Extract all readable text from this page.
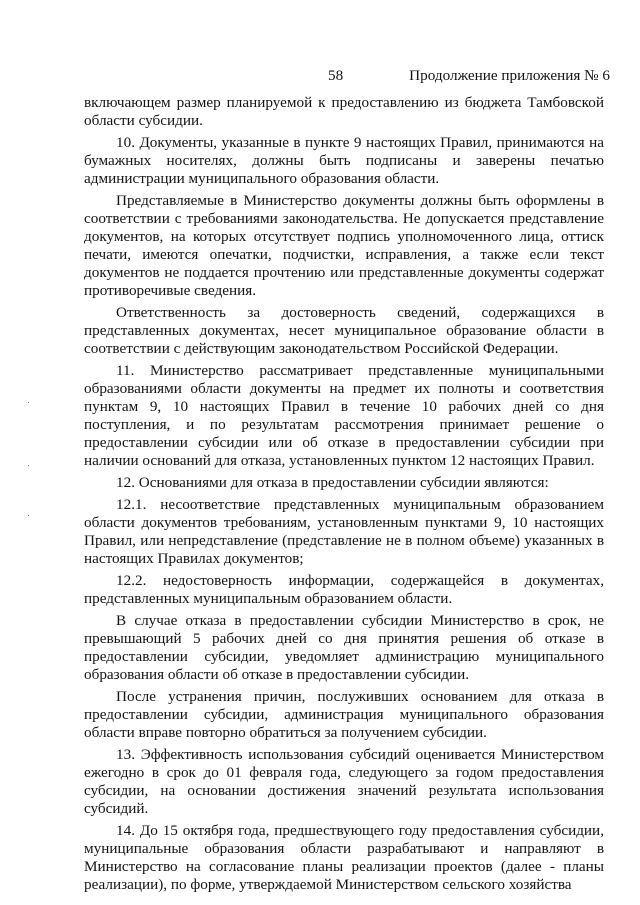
58	Продолжение приложения № 6

включающем размер планируемой к предоставлению из бюджета Тамбовской области субсидии.

10. Документы, указанные в пункте 9 настоящих Правил, принимаются на бумажных носителях, должны быть подписаны и заверены печатью администрации муниципального образования области.

Представляемые в Министерство документы должны быть оформлены в соответствии с требованиями законодательства. Не допускается представление документов, на которых отсутствует подпись уполномоченного лица, оттиск печати, имеются опечатки, подчистки, исправления, а также если текст документов не поддается прочтению или представленные документы содержат противоречивые сведения.

Ответственность за достоверность сведений, содержащихся в представленных документах, несет муниципальное образование области в соответствии с действующим законодательством Российской Федерации.

11. Министерство рассматривает представленные муниципальными образованиями области документы на предмет их полноты и соответствия пунктам 9, 10 настоящих Правил в течение 10 рабочих дней со дня поступления, и по результатам рассмотрения принимает решение о предоставлении субсидии или об отказе в предоставлении субсидии при наличии оснований для отказа, установленных пунктом 12 настоящих Правил.

12. Основаниями для отказа в предоставлении субсидии являются:

12.1. несоответствие представленных муниципальным образованием области документов требованиям, установленным пунктами 9, 10 настоящих Правил, или непредставление (представление не в полном объеме) указанных в настоящих Правилах документов;

12.2. недостоверность информации, содержащейся в документах, представленных муниципальным образованием области.

В случае отказа в предоставлении субсидии Министерство в срок, не превышающий 5 рабочих дней со дня принятия решения об отказе в предоставлении субсидии, уведомляет администрацию муниципального образования области об отказе в предоставлении субсидии.

После устранения причин, послуживших основанием для отказа в предоставлении субсидии, администрация муниципального образования области вправе повторно обратиться за получением субсидии.

13. Эффективность использования субсидий оценивается Министерством ежегодно в срок до 01 февраля года, следующего за годом предоставления субсидии, на основании достижения значений результата использования субсидий.

14. До 15 октября года, предшествующего году предоставления субсидии, муниципальные образования области разрабатывают и направляют в Министерство на согласование планы реализации проектов (далее - планы реализации), по форме, утверждаемой Министерством сельского хозяйства
